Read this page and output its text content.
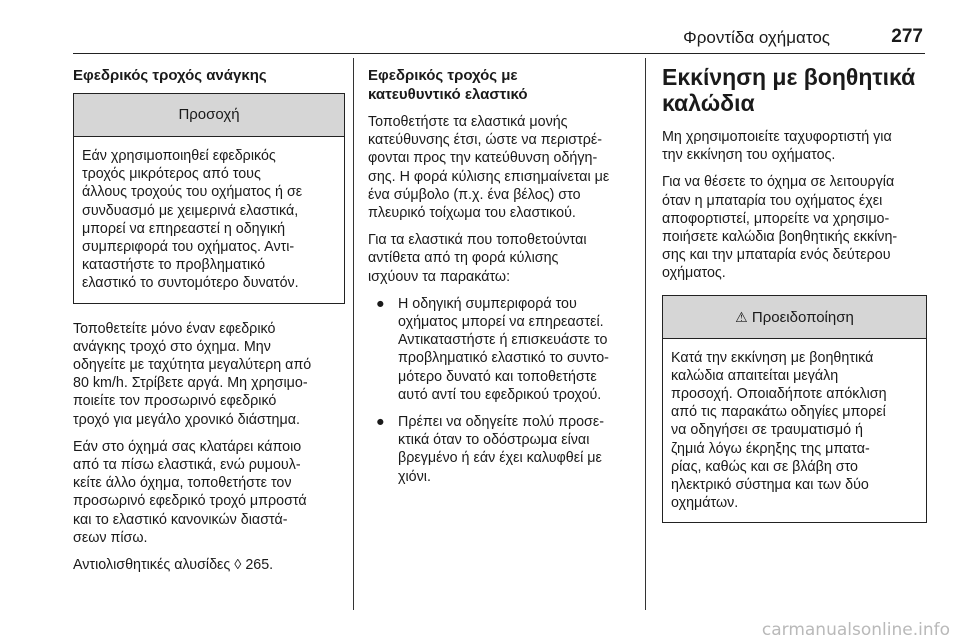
Φροντίδα οχήματος	277
Εφεδρικός τροχός ανάγκης
Προσοχή
Εάν χρησιμοποιηθεί εφεδρικός
τροχός μικρότερος από τους
άλλους τροχούς του οχήματος ή σε
συνδυασμό με χειμερινά ελαστικά,
μπορεί να επηρεαστεί η οδηγική
συμπεριφορά του οχήματος. Αντι‐
καταστήστε το προβληματικό
ελαστικό το συντομότερο δυνατόν.

Τοποθετείτε μόνο έναν εφεδρικό
ανάγκης τροχό στο όχημα. Μην
οδηγείτε με ταχύτητα μεγαλύτερη από
80 km/h. Στρίβετε αργά. Μη χρησιμο‐
ποιείτε τον προσωρινό εφεδρικό
τροχό για μεγάλο χρονικό διάστημα.

Εάν στο όχημά σας κλατάρει κάποιο
από τα πίσω ελαστικά, ενώ ρυμουλ‐
κείτε άλλο όχημα, τοποθετήστε τον
προσωρινό εφεδρικό τροχό μπροστά
και το ελαστικό κανονικών διαστά‐
σεων πίσω.

Αντιολισθητικές αλυσίδες ◊ 265.

Εφεδρικός τροχός με
κατευθυντικό ελαστικό

Τοποθετήστε τα ελαστικά μονής
κατεύθυνσης έτσι, ώστε να περιστρέ‐
φονται προς την κατεύθυνση οδήγη‐
σης. Η φορά κύλισης επισημαίνεται με
ένα σύμβολο (π.χ. ένα βέλος) στο
πλευρικό τοίχωμα του ελαστικού.

Για τα ελαστικά που τοποθετούνται
αντίθετα από τη φορά κύλισης
ισχύουν τα παρακάτω:

● Η οδηγική συμπεριφορά του
οχήματος μπορεί να επηρεαστεί.
Αντικαταστήστε ή επισκευάστε το
προβληματικό ελαστικό το συντο‐
μότερο δυνατό και τοποθετήστε
αυτό αντί του εφεδρικού τροχού.
● Πρέπει να οδηγείτε πολύ προσε‐
κτικά όταν το οδόστρωμα είναι
βρεγμένο ή εάν έχει καλυφθεί με
χιόνι.
Εκκίνηση με βοηθητικά
καλώδια

Μη χρησιμοποιείτε ταχυφορτιστή για
την εκκίνηση του οχήματος.

Για να θέσετε το όχημα σε λειτουργία
όταν η μπαταρία του οχήματος έχει
αποφορτιστεί, μπορείτε να χρησιμο‐
ποιήσετε καλώδια βοηθητικής εκκίνη‐
σης και την μπαταρία ενός δεύτερου
οχήματος.

⚠ Προειδοποίηση
Κατά την εκκίνηση με βοηθητικά
καλώδια απαιτείται μεγάλη
προσοχή. Οποιαδήποτε απόκλιση
από τις παρακάτω οδηγίες μπορεί
να οδηγήσει σε τραυματισμό ή
ζημιά λόγω έκρηξης της μπατα‐
ρίας, καθώς και σε βλάβη στο
ηλεκτρικό σύστημα και των δύο
οχημάτων.
carmanualsonline.info
